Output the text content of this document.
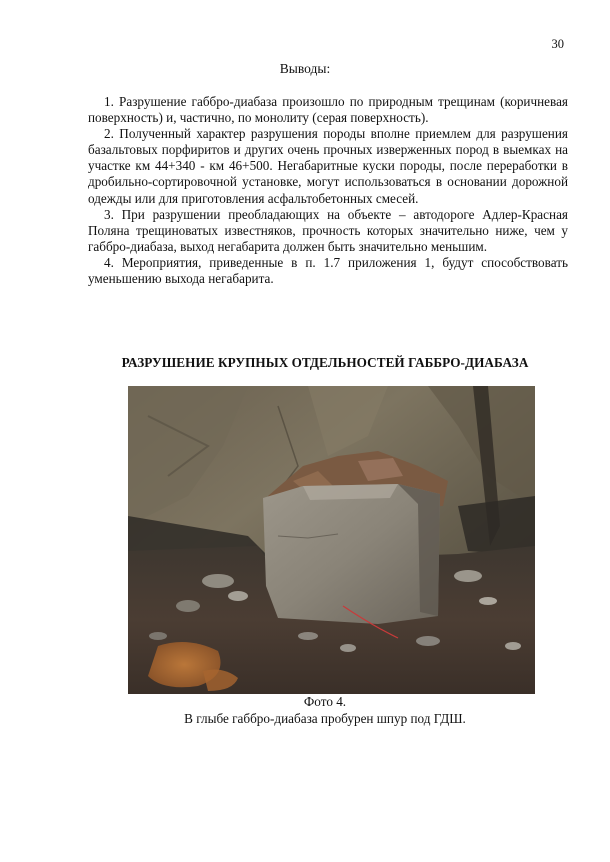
30
Выводы:

1. Разрушение габбро-диабаза произошло по природным трещинам (коричневая поверхность) и, частично, по монолиту (серая поверхность).

2. Полученный характер разрушения породы вполне приемлем для разрушения базальтовых порфиритов и других очень прочных изверженных пород в выемках на участке км 44+340 - км 46+500. Негабаритные куски породы, после переработки в дробильно-сортировочной установке, могут использоваться в основании дорожной одежды или для приготовления асфальтобетонных смесей.

3. При разрушении преобладающих на объекте – автодороге Адлер-Красная Поляна трещиноватых известняков, прочность которых значительно ниже, чем у габбро-диабаза, выход негабарита должен быть значительно меньшим.

4. Мероприятия, приведенные в п. 1.7 приложения 1, будут способствовать уменьшению выхода негабарита.

РАЗРУШЕНИЕ КРУПНЫХ ОТДЕЛЬНОСТЕЙ ГАББРО-ДИАБАЗА
Фото 4.
В глыбе габбро-диабаза пробурен шпур под ГДШ.
